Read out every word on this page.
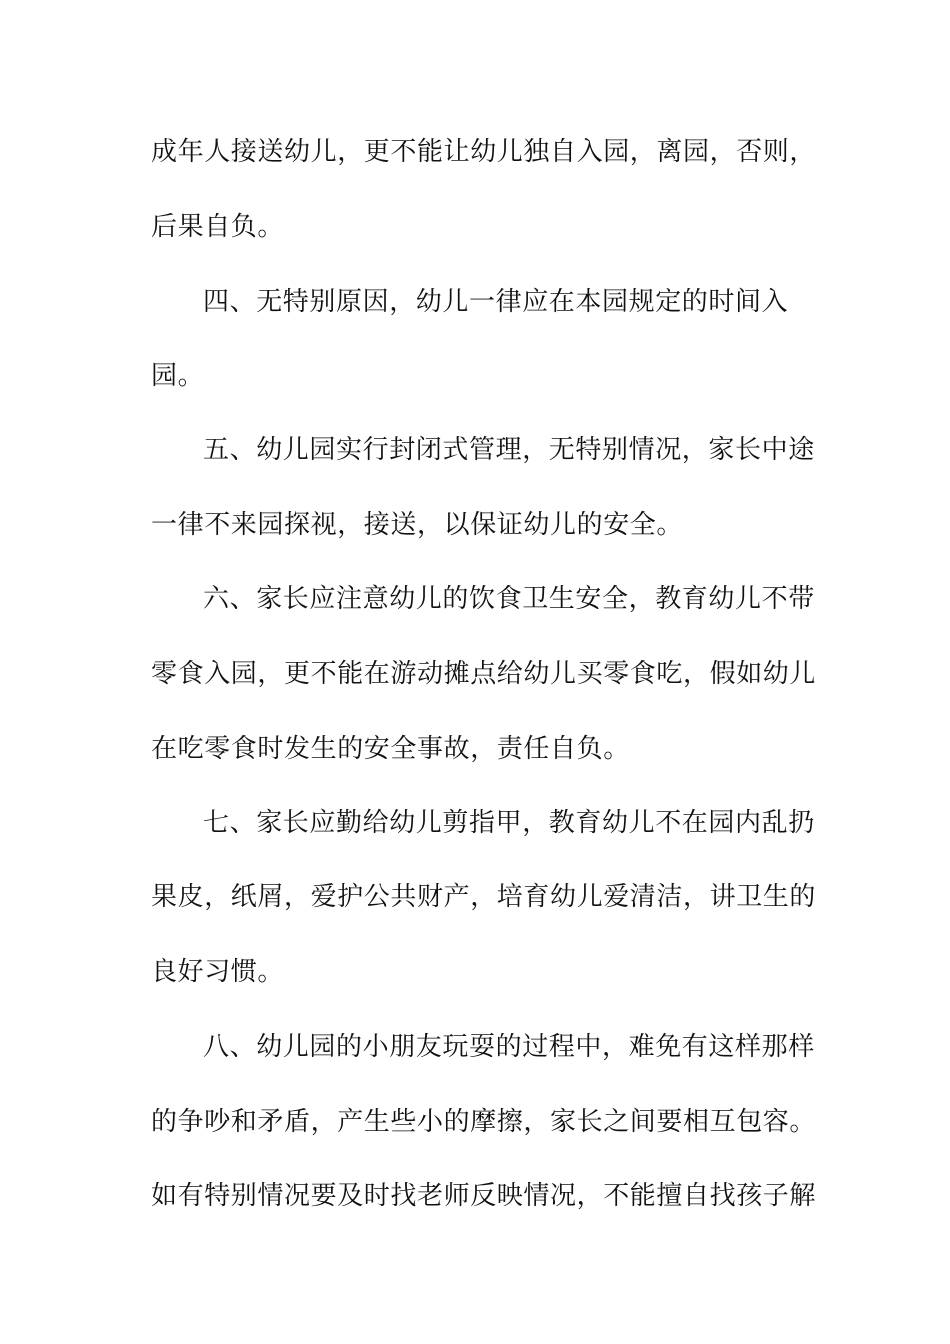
成年人接送幼儿，更不能让幼儿独自入园，离园，否则，
后果自负。
四、无特别原因，幼儿一律应在本园规定的时间入
园。
五、幼儿园实行封闭式管理，无特别情况，家长中途
一律不来园探视，接送，以保证幼儿的安全。
六、家长应注意幼儿的饮食卫生安全，教育幼儿不带
零食入园，更不能在游动摊点给幼儿买零食吃，假如幼儿
在吃零食时发生的安全事故，责任自负。
七、家长应勤给幼儿剪指甲，教育幼儿不在园内乱扔
果皮，纸屑，爱护公共财产，培育幼儿爱清洁，讲卫生的
良好习惯。
八、幼儿园的小朋友玩耍的过程中，难免有这样那样
的争吵和矛盾，产生些小的摩擦，家长之间要相互包容。
如有特别情况要及时找老师反映情况，不能擅自找孩子解
